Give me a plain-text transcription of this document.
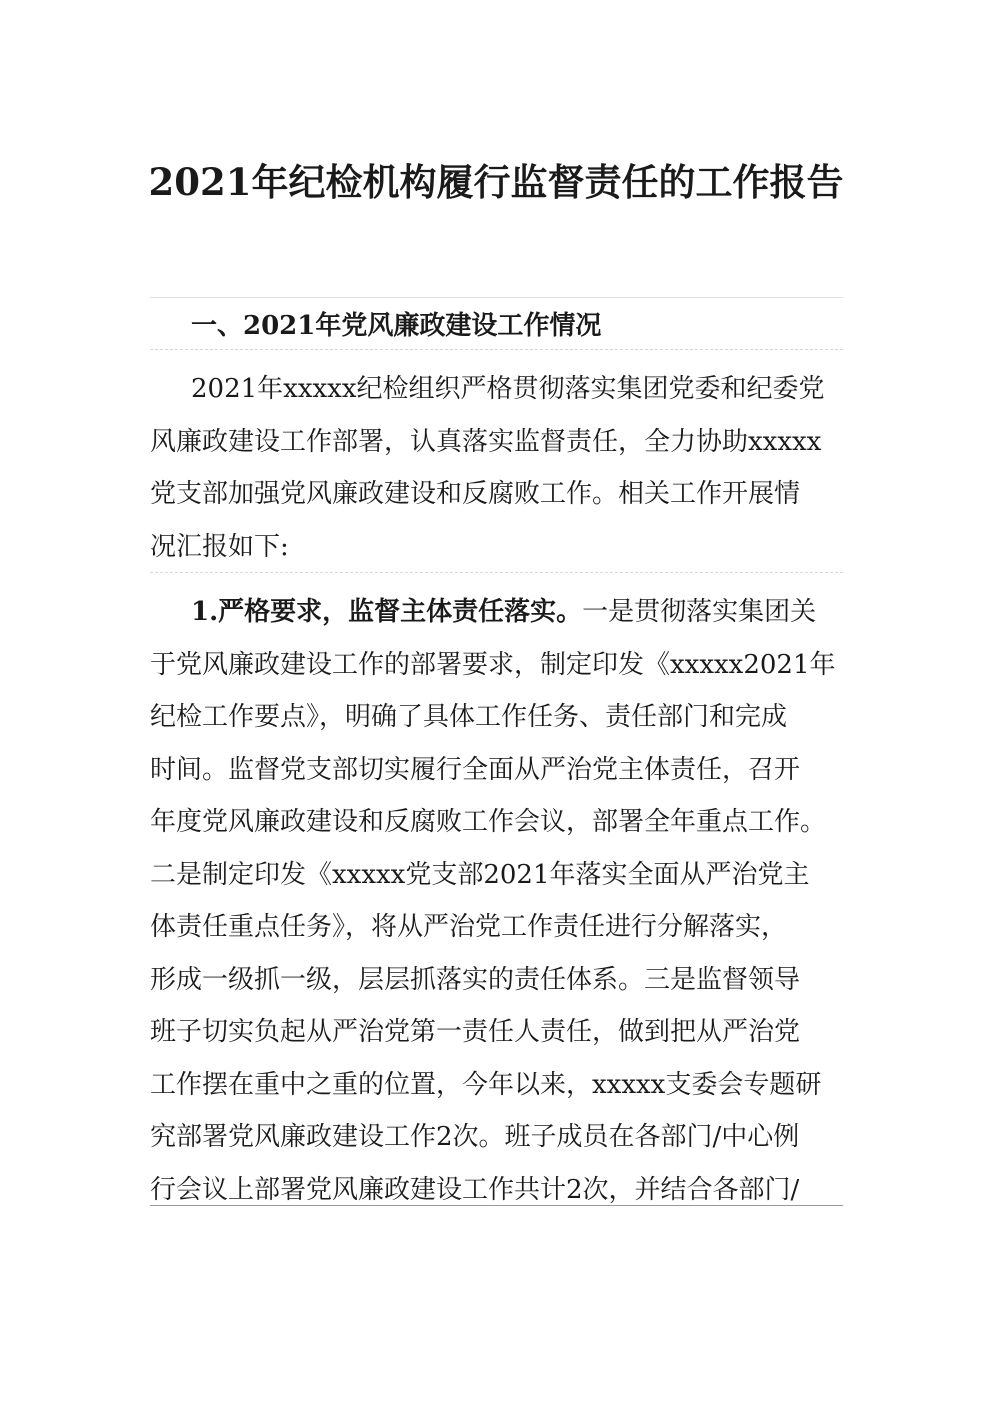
2021年纪检机构履行监督责任的工作报告
一、2021年党风廉政建设工作情况
2021年xxxxx纪检组织严格贯彻落实集团党委和纪委党
风廉政建设工作部署，认真落实监督责任，全力协助xxxxx
党支部加强党风廉政建设和反腐败工作。相关工作开展情
况汇报如下:
1.严格要求，监督主体责任落实。一是贯彻落实集团关
于党风廉政建设工作的部署要求，制定印发《xxxxx2021年
纪检工作要点》，明确了具体工作任务、责任部门和完成
时间。监督党支部切实履行全面从严治党主体责任，召开
年度党风廉政建设和反腐败工作会议，部署全年重点工作。
二是制定印发《xxxxx党支部2021年落实全面从严治党主
体责任重点任务》，将从严治党工作责任进行分解落实，
形成一级抓一级，层层抓落实的责任体系。三是监督领导
班子切实负起从严治党第一责任人责任，做到把从严治党
工作摆在重中之重的位置，今年以来，xxxxx支委会专题研
究部署党风廉政建设工作2次。班子成员在各部门/中心例
行会议上部署党风廉政建设工作共计2次，并结合各部门/
